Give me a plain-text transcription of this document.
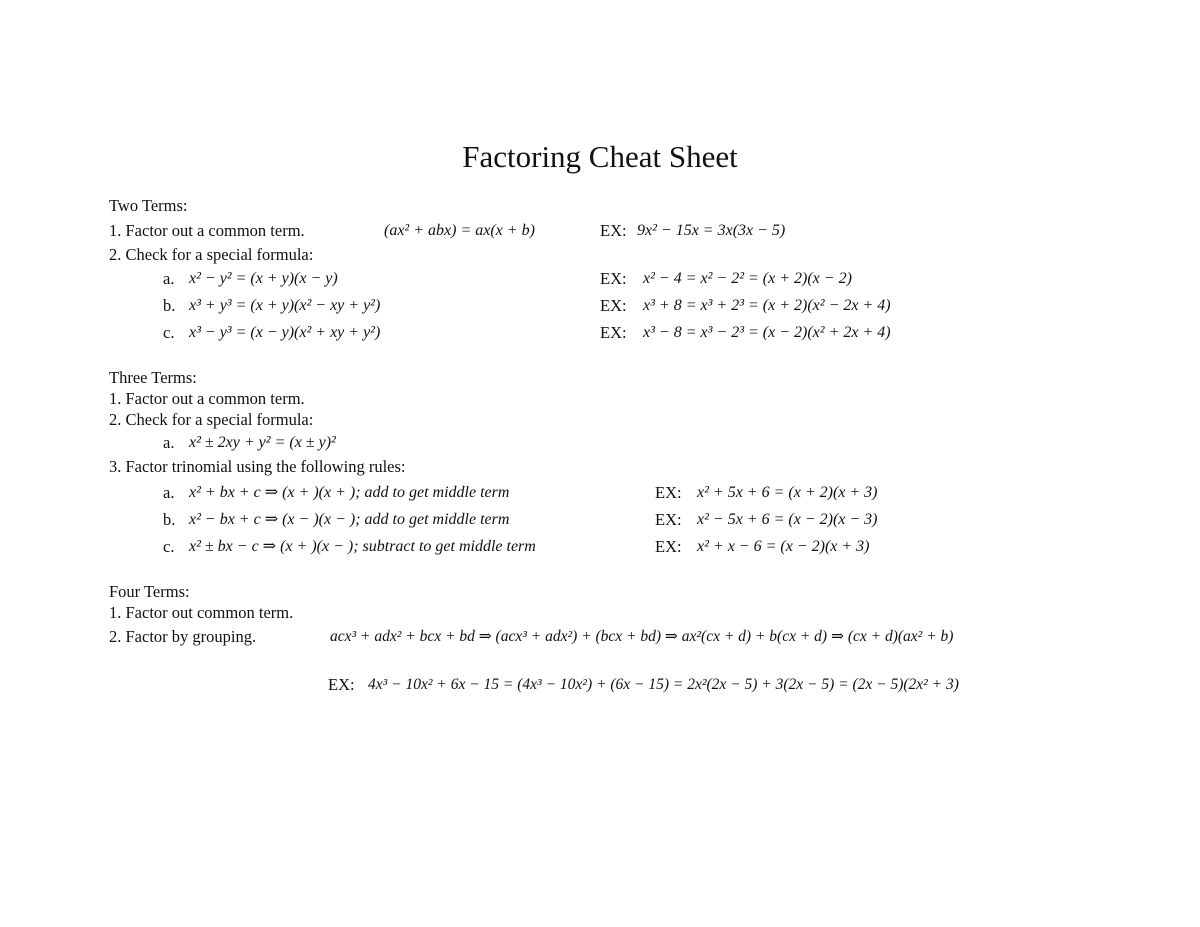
Factoring Cheat Sheet
Two Terms:
1. Factor out a common term.	(ax² + abx) = ax(x + b)	EX: 9x² − 15x = 3x(3x − 5)
2. Check for a special formula:
a. x² − y² = (x + y)(x − y)	EX: x² − 4 = x² − 2² = (x + 2)(x − 2)
b. x³ + y³ = (x + y)(x² − xy + y²)	EX: x³ + 8 = x³ + 2³ = (x + 2)(x² − 2x + 4)
c. x³ − y³ = (x − y)(x² + xy + y²)	EX: x³ − 8 = x³ − 2³ = (x − 2)(x² + 2x + 4)
Three Terms:
1. Factor out a common term.
2. Check for a special formula:
a. x² ± 2xy + y² = (x ± y)²
3. Factor trinomial using the following rules:
a. x² + bx + c ⇒ (x + )(x + ); add to get middle term	EX: x² + 5x + 6 = (x + 2)(x + 3)
b. x² − bx + c ⇒ (x − )(x − ); add to get middle term	EX: x² − 5x + 6 = (x − 2)(x − 3)
c. x² ± bx − c ⇒ (x + )(x − ); subtract to get middle term	EX: x² + x − 6 = (x − 2)(x + 3)
Four Terms:
1. Factor out common term.
2. Factor by grouping.	acx³ + adx² + bcx + bd ⇒ (acx³ + adx²) + (bcx + bd) ⇒ ax²(cx + d) + b(cx + d) ⇒ (cx + d)(ax² + b)
EX: 4x³ − 10x² + 6x − 15 = (4x³ − 10x²) + (6x − 15) = 2x²(2x − 5) + 3(2x − 5) = (2x − 5)(2x² + 3)
